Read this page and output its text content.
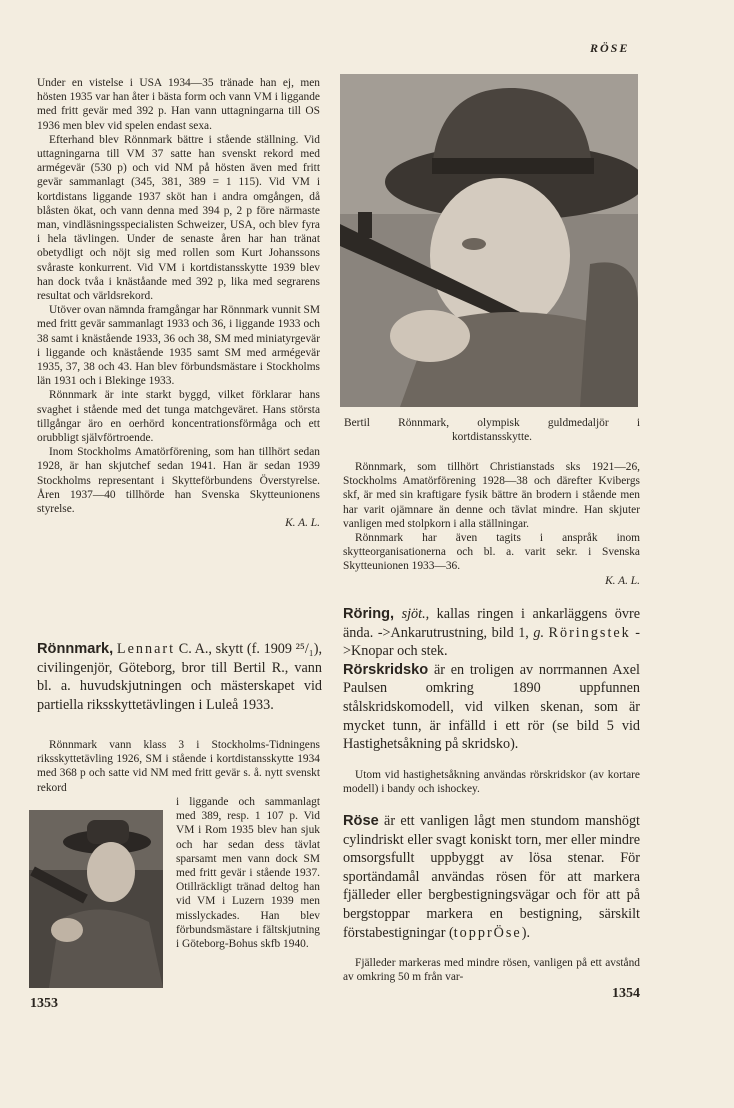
RÖSE

Under en vistelse i USA 1934—35 tränade han ej, men hösten 1935 var han åter i bästa form och vann VM i liggande med fritt gevär med 392 p. Han vann uttagningarna till OS 1936 men blev vid spelen endast sexa.

Efterhand blev Rönnmark bättre i stående ställning. Vid uttagningarna till VM 37 satte han svenskt rekord med armégevär (530 p) och vid NM på hösten även med fritt gevär sammanlagt (345, 381, 389 = 1 115). Vid VM i kortdistans liggande 1937 sköt han i andra omgången, då blåsten ökat, och vann denna med 394 p, 2 p före närmaste man, vindläsningsspecialisten Schweizer, USA, och blev fyra i hela tävlingen. Under de senaste åren har han tränat obetydligt och nöjt sig med rollen som Kurt Johanssons svåraste konkurrent. Vid VM i kortdistansskytte 1939 blev han dock tvåa i knäståande med 392 p, lika med segrarens resultat och världsrekord.

Utöver ovan nämnda framgångar har Rönnmark vunnit SM med fritt gevär sammanlagt 1933 och 36, i liggande 1933 och 38 samt i knästående 1933, 36 och 38, SM med miniatyrgevär i liggande och knästående 1935 samt SM med armégevär 1935, 37, 38 och 43. Han blev förbundsmästare i Stockholms län 1931 och i Blekinge 1933.

Rönnmark är inte starkt byggd, vilket förklarar hans svaghet i stående med det tunga matchgeväret. Hans största tillgångar äro en oerhörd koncentrationsförmåga och ett orubbligt självförtroende.

Inom Stockholms Amatörförening, som han tillhört sedan 1928, är han skjutchef sedan 1941. Han är sedan 1939 Stockholms representant i Skytteförbundens Överstyrelse. Åren 1937—40 tillhörde han Svenska Skytteunionens styrelse.

K. A. L.

Rönnmark, Lennart C. A., skytt (f. 1909 ²⁵/₁), civilingenjör, Göteborg, bror till Bertil R., vann bl. a. huvudskjutningen och mästerskapet vid partiella riksskyttetävlingen i Luleå 1933.

Rönnmark vann klass 3 i Stockholms-Tidningens riksskyttetävling 1926, SM i stående i kortdistansskytte 1934 med 368 p och satte vid NM med fritt gevär s. å. nytt svenskt rekord

i liggande och sammanlagt med 389, resp. 1 107 p. Vid VM i Rom 1935 blev han sjuk och har sedan dess tävlat sparsamt men vann dock SM med fritt gevär i stående 1937. Otillräckligt tränad deltog han vid VM i Luzern 1939 men misslyckades. Han blev förbundsmästare i fältskjutning i Göteborg-Bohus skfb 1940.

1353
Bertil Rönnmark, olympisk guldmedaljör i
kortdistansskytte.

Rönnmark, som tillhört Christianstads sks 1921—26, Stockholms Amatörförening 1928—38 och därefter Kvibergs skf, är med sin kraftigare fysik bättre än brodern i stående men har varit ojämnare än denne och tävlat mindre. Han skjuter vanligen med stolpkorn i alla ställningar.

Rönnmark har även tagits i anspråk inom skytteorganisationerna och bl. a. varit sekr. i Svenska Skytteunionen 1933—36.

K. A. L.

Röring, sjöt., kallas ringen i ankarläggens övre ända. ->Ankarutrustning, bild 1, g. Röringstek ->Knopar och stek.

Rörskridsko är en troligen av norrmannen Axel Paulsen omkring 1890 uppfunnen stålskridskomodell, vid vilken skenan, som är mycket tunn, är infälld i ett rör (se bild 5 vid Hastighetsåkning på skridsko).

Utom vid hastighetsåkning användas rörskridskor (av kortare modell) i bandy och ishockey.

Röse är ett vanligen lågt men stundom manshögt cylindriskt eller svagt koniskt torn, mer eller mindre omsorgsfullt uppbyggt av lösa stenar. För sportändamål användas rösen för att markera fjälleder eller bergbestigningsvägar och för att på bergstoppar markera en bestigning, särskilt förstabestigningar (topprÖse).

Fjälleder markeras med mindre rösen, vanligen på ett avstånd av omkring 50 m från var-

1354
